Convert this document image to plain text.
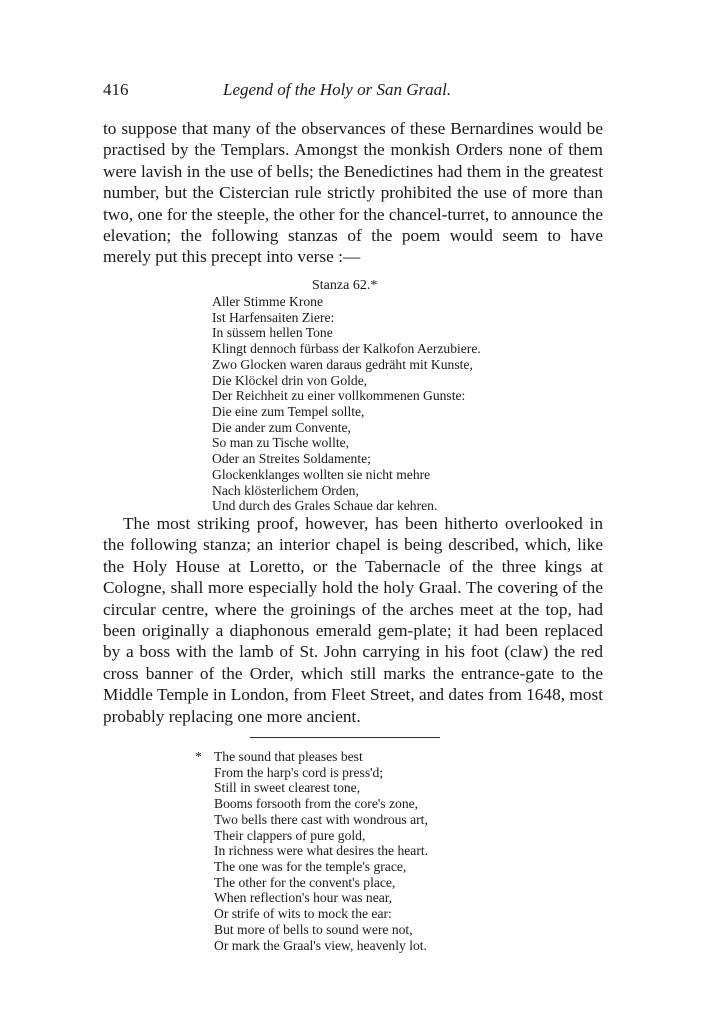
416	Legend of the Holy or San Graal.
to suppose that many of the observances of these Bernardines would be practised by the Templars. Amongst the monkish Orders none of them were lavish in the use of bells; the Benedictines had them in the greatest number, but the Cistercian rule strictly prohibited the use of more than two, one for the steeple, the other for the chancel-turret, to announce the elevation; the following stanzas of the poem would seem to have merely put this precept into verse :—
Stanza 62.*
Aller Stimme Krone
Ist Harfensaiten Ziere:
In süssem hellen Tone
Klingt dennoch fürbass der Kalkofon Aerzubiere.
Zwo Glocken waren daraus gedräht mit Kunste,
Die Klöckel drin von Golde,
Der Reichheit zu einer vollkommenen Gunste:
Die eine zum Tempel sollte,
Die ander zum Convente,
So man zu Tische wollte,
Oder an Streites Soldamente;
Glockenklanges wollten sie nicht mehre
Nach klösterlichem Orden,
Und durch des Grales Schaue dar kehren.
The most striking proof, however, has been hitherto overlooked in the following stanza; an interior chapel is being described, which, like the Holy House at Loretto, or the Tabernacle of the three kings at Cologne, shall more especially hold the holy Graal. The covering of the circular centre, where the groinings of the arches meet at the top, had been originally a diaphonous emerald gem-plate; it had been replaced by a boss with the lamb of St. John carrying in his foot (claw) the red cross banner of the Order, which still marks the entrance-gate to the Middle Temple in London, from Fleet Street, and dates from 1648, most probably replacing one more ancient.
* The sound that pleases best
From the harp's cord is press'd;
Still in sweet clearest tone,
Booms forsooth from the core's zone,
Two bells there cast with wondrous art,
Their clappers of pure gold,
In richness were what desires the heart.
The one was for the temple's grace,
The other for the convent's place,
When reflection's hour was near,
Or strife of wits to mock the ear:
But more of bells to sound were not,
Or mark the Graal's view, heavenly lot.
